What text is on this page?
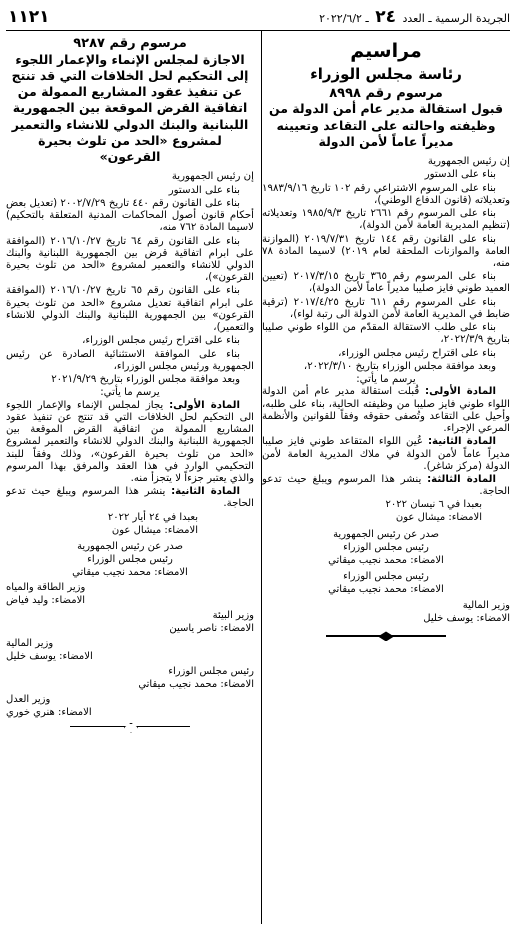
الجريدة الرسمية ـ العدد ٢٤ ـ ٢٠٢٢/٦/٢
١١٢١
مراسيم
رئاسة مجلس الوزراء
مرسوم رقم ٨٩٩٨
قبول استقالة مدير عام أمن الدولة من وظيفته واحالته على التقاعد وتعيينه مديراً عاماً لأمن الدولة

إن رئيس الجمهورية

بناء على الدستور

بناء على المرسوم الاشتراعي رقم ١٠٢ تاريخ ١٩٨٣/٩/١٦ وتعديلاته (قانون الدفاع الوطني)،

بناء على المرسوم رقم ٢٦٦١ تاريخ ١٩٨٥/٩/٣ وتعديلاته (تنظيم المديرية العامة لأمن الدولة)،

بناء على القانون رقم ١٤٤ تاريخ ٢٠١٩/٧/٣١ (الموازنة العامة والموازنات الملحقة لعام ٢٠١٩) لاسيما المادة ٧٨ منه،

بناء على المرسوم رقم ٣٦٥ تاريخ ٢٠١٧/٣/١٥ (تعيين العميد طوني فايز صليبا مديراً عاماً لأمن الدولة)،

بناء على المرسوم رقم ٦١١ تاريخ ٢٠١٧/٤/٢٥ (ترقية ضابط في المديرية العامة لأمن الدولة الى رتبة لواء)،

بناء على طلب الاستقالة المقدّم من اللواء طوني صليبا بتاريخ ٢٠٢٢/٣/٩،

بناء على اقتراح رئيس مجلس الوزراء،

وبعد موافقة مجلس الوزراء بتاريخ ٢٠٢٢/٣/١٠،

يرسم ما يأتي:

المادة الأولى: قُبلت استقالة مدير عام أمن الدولة اللواء طوني فايز صليبا من وظيفته الحالية، بناء على طلبه، وأحيل على التقاعد وتُصفى حقوقه وفقاً للقوانين والأنظمة المرعي الإجراء.

المادة الثانية: عُين اللواء المتقاعد طوني فايز صليبا مديراً عاماً لأمن الدولة في ملاك المديرية العامة لأمن الدولة (مركز شاغر).

المادة الثالثة: ينشر هذا المرسوم ويبلغ حيث تدعو الحاجة.

بعبدا في ٦ نيسان ٢٠٢٢
الامضاء: ميشال عون
صدر عن رئيس الجمهورية
رئيس مجلس الوزراء
الامضاء: محمد نجيب ميقاتي
رئيس مجلس الوزراء
الامضاء: محمد نجيب ميقاتي
وزير المالية
الامضاء: يوسف خليل
مرسوم رقم ٩٢٨٧
الاجازة لمجلس الإنماء والإعمار اللجوء إلى التحكيم لحل الخلافات التي قد تنتج عن تنفيذ عقود المشاريع الممولة من اتفاقية القرض الموقعة بين الجمهورية اللبنانية والبنك الدولي للانشاء والتعمير لمشروع «الحد من تلوث بحيرة القرعون»

إن رئيس الجمهورية

بناء على الدستور

بناء على القانون رقم ٤٤٠ تاريخ ٢٠٠٢/٧/٢٩ (تعديل بعض أحكام قانون أصول المحاكمات المدنية المتعلقة بالتحكيم) لاسيما المادة ٧٦٢ منه،

بناء على القانون رقم ٦٤ تاريخ ٢٠١٦/١٠/٢٧ (الموافقة على ابرام اتفاقية قرض بين الجمهورية اللبنانية والبنك الدولي للانشاء والتعمير لمشروع «الحد من تلوث بحيرة القرعون»)،

بناء على القانون رقم ٦٥ تاريخ ٢٠١٦/١٠/٢٧ (الموافقة على ابرام اتفاقية تعديل مشروع «الحد من تلوث بحيرة القرعون» بين الجمهورية اللبنانية والبنك الدولي للانشاء والتعمير)،

بناء على اقتراح رئيس مجلس الوزراء،

بناء على الموافقة الاستثنائية الصادرة عن رئيس الجمهورية ورئيس مجلس الوزراء،

وبعد موافقة مجلس الوزراء بتاريخ ٢٠٢١/٩/٢٩

يرسم ما يأتي:

المادة الأولى: يجاز لمجلس الإنماء والإعمار اللجوء الى التحكيم لحل الخلافات التي قد تنتج عن تنفيذ عقود المشاريع الممولة من اتفاقية القرض الموقعة بين الجمهورية اللبنانية والبنك الدولي للانشاء والتعمير لمشروع «الحد من تلوث بحيرة القرعون»، وذلك وفقاً للبند التحكيمي الوارد في هذا العقد والمرفق بهذا المرسوم والذي يعتبر جزءاً لا يتجزأ منه.

المادة الثانية: ينشر هذا المرسوم ويبلغ حيث تدعو الحاجة.

بعبدا في ٢٤ أيار ٢٠٢٢
الامضاء: ميشال عون
صدر عن رئيس الجمهورية
رئيس مجلس الوزراء
الامضاء: محمد نجيب ميقاتي
وزير الطاقة والمياه
الامضاء: وليد فياض
وزير البيئة
الامضاء: ناصر ياسين
وزير المالية
الامضاء: يوسف خليل
رئيس مجلس الوزراء
الامضاء: محمد نجيب ميقاتي
وزير العدل
الامضاء: هنري خوري
